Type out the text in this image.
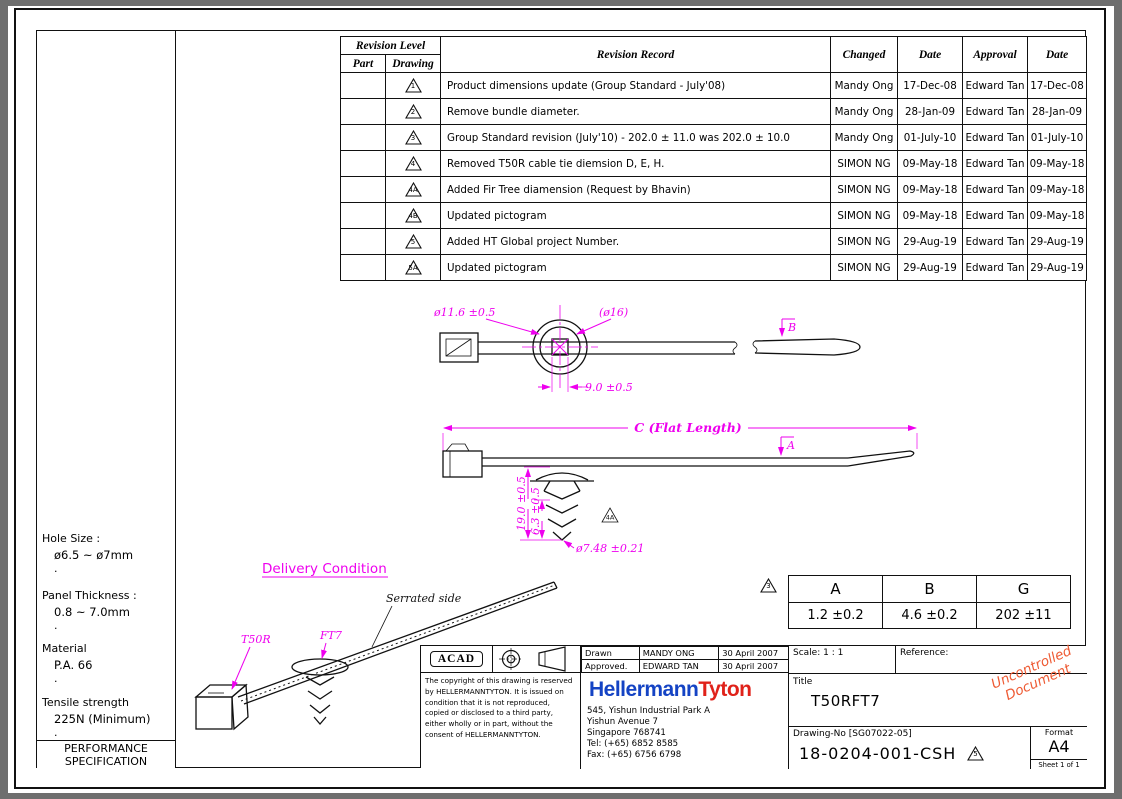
ø11.6 ±0.5	(ø16)
9.0 ±0.5
B
C (Flat Length)
A
19.0 ±0.5 6.3 ±0.5
ø7.48 ±0.21
4A
Delivery Condition
T50R	FT7
Serrated side
Revision Level		Revision Record	Changed	Date	Approval	Date
Part	Drawing					

	1	Product dimensions update (Group Standard - July'08)	Mandy Ong	17-Dec-08	Edward Tan	17-Dec-08

	2	Remove bundle diameter.	Mandy Ong	28-Jan-09	Edward Tan	28-Jan-09

	3	Group Standard revision (July'10) - 202.0 ± 11.0 was 202.0 ± 10.0	Mandy Ong	01-July-10	Edward Tan	01-July-10

	4	Removed T50R cable tie diemsion D, E, H.	SIMON NG	09-May-18	Edward Tan	09-May-18

	4A	Added Fir Tree diamension (Request by Bhavin)	SIMON NG	09-May-18	Edward Tan	09-May-18

	4B	Updated pictogram	SIMON NG	09-May-18	Edward Tan	09-May-18

	5	Added HT Global project Number.	SIMON NG	29-Aug-19	Edward Tan	29-Aug-19

	5A	Updated pictogram	SIMON NG	29-Aug-19	Edward Tan	29-Aug-19
Hole Size :
ø6.5 ~ ø7mm
.
Panel Thickness :
0.8 ~ 7.0mm
.
Material
P.A. 66
.
Tensile strength
225N (Minimum)
.
PERFORMANCE
SPECIFICATION
3	A	B	G
1.2 ±0.2	4.6 ±0.2	202 ±11
ACAD
The copyright of this drawing is reserved by HELLERMANNTYTON. It is issued on condition that it is not reproduced, copied or disclosed to a third party, either wholly or in part, without the consent of HELLERMANNTYTON.
Drawn	MANDY ONG	30 April 2007
Approved.	EDWARD TAN	30 April 2007
HellermannTyton
545, Yishun Industrial Park A
Yishun Avenue 7
Singapore 768741
Tel: (+65) 6852 8585
Fax: (+65) 6756 6798
Scale: 1 : 1	Reference:
Title
T50RFT7
Uncontrolled Document
Drawing-No [SG07022-05]
18-0204-001-CSH	5
Format
A4
Sheet 1 of 1
